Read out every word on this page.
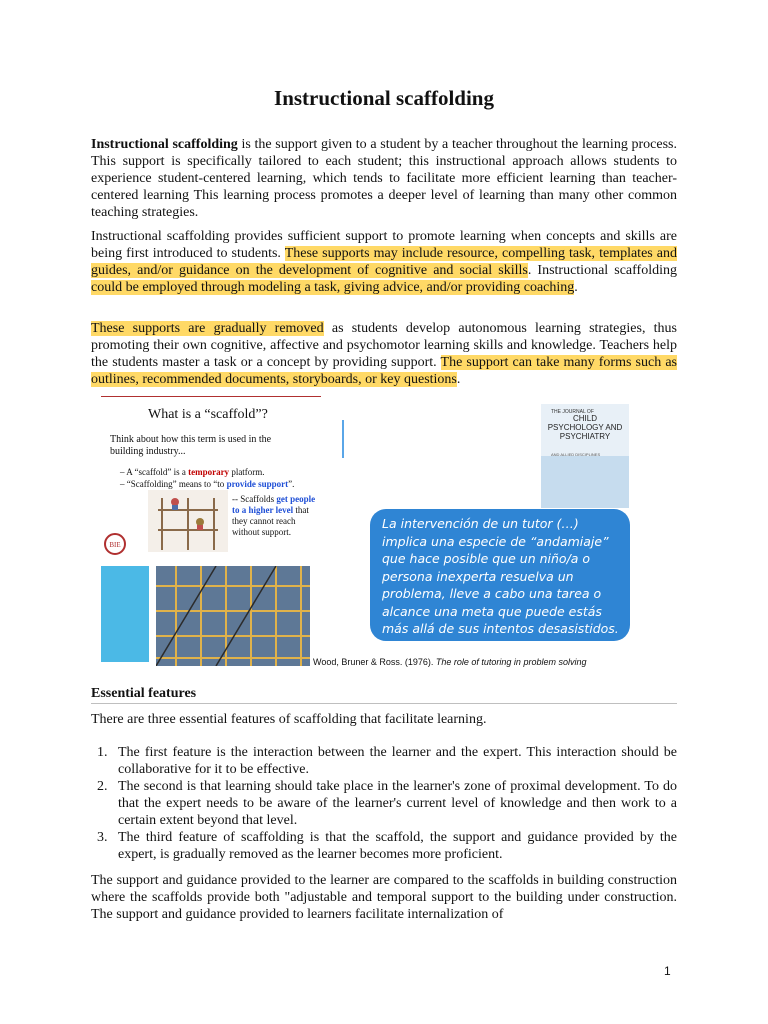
Instructional scaffolding
Instructional scaffolding is the support given to a student by a teacher throughout the learning process. This support is specifically tailored to each student; this instructional approach allows students to experience student-centered learning, which tends to facilitate more efficient learning than teacher-centered learning This learning process promotes a deeper level of learning than many other common teaching strategies.
Instructional scaffolding provides sufficient support to promote learning when concepts and skills are being first introduced to students. These supports may include resource, compelling task, templates and guides, and/or guidance on the development of cognitive and social skills. Instructional scaffolding could be employed through modeling a task, giving advice, and/or providing coaching.
These supports are gradually removed as students develop autonomous learning strategies, thus promoting their own cognitive, affective and psychomotor learning skills and knowledge. Teachers help the students master a task or a concept by providing support. The support can take many forms such as outlines, recommended documents, storyboards, or key questions.
What is a “scaffold”?
Think about how this term is used in the building industry...
– A “scaffold” is a temporary platform.
– “Scaffolding” means to “to provide support”.
-- Scaffolds get people to a higher level that they cannot reach without support.
BIE
THE JOURNAL OF
CHILD PSYCHOLOGY AND PSYCHIATRY
AND ALLIED DISCIPLINES
La intervención de un tutor (…) implica una especie de “andamiaje” que hace posible que un niño/a o persona inexperta resuelva un problema, lleve a cabo una tarea o alcance una meta que puede estás más allá de sus intentos desasistidos.
Wood, Bruner & Ross. (1976). The role of tutoring in problem solving
Essential features
There are three essential features of scaffolding that facilitate learning.
1. The first feature is the interaction between the learner and the expert. This interaction should be collaborative for it to be effective.
2. The second is that learning should take place in the learner's zone of proximal development. To do that the expert needs to be aware of the learner's current level of knowledge and then work to a certain extent beyond that level.
3. The third feature of scaffolding is that the scaffold, the support and guidance provided by the expert, is gradually removed as the learner becomes more proficient.
The support and guidance provided to the learner are compared to the scaffolds in building construction where the scaffolds provide both "adjustable and temporal support to the building under construction. The support and guidance provided to learners facilitate internalization of
1
